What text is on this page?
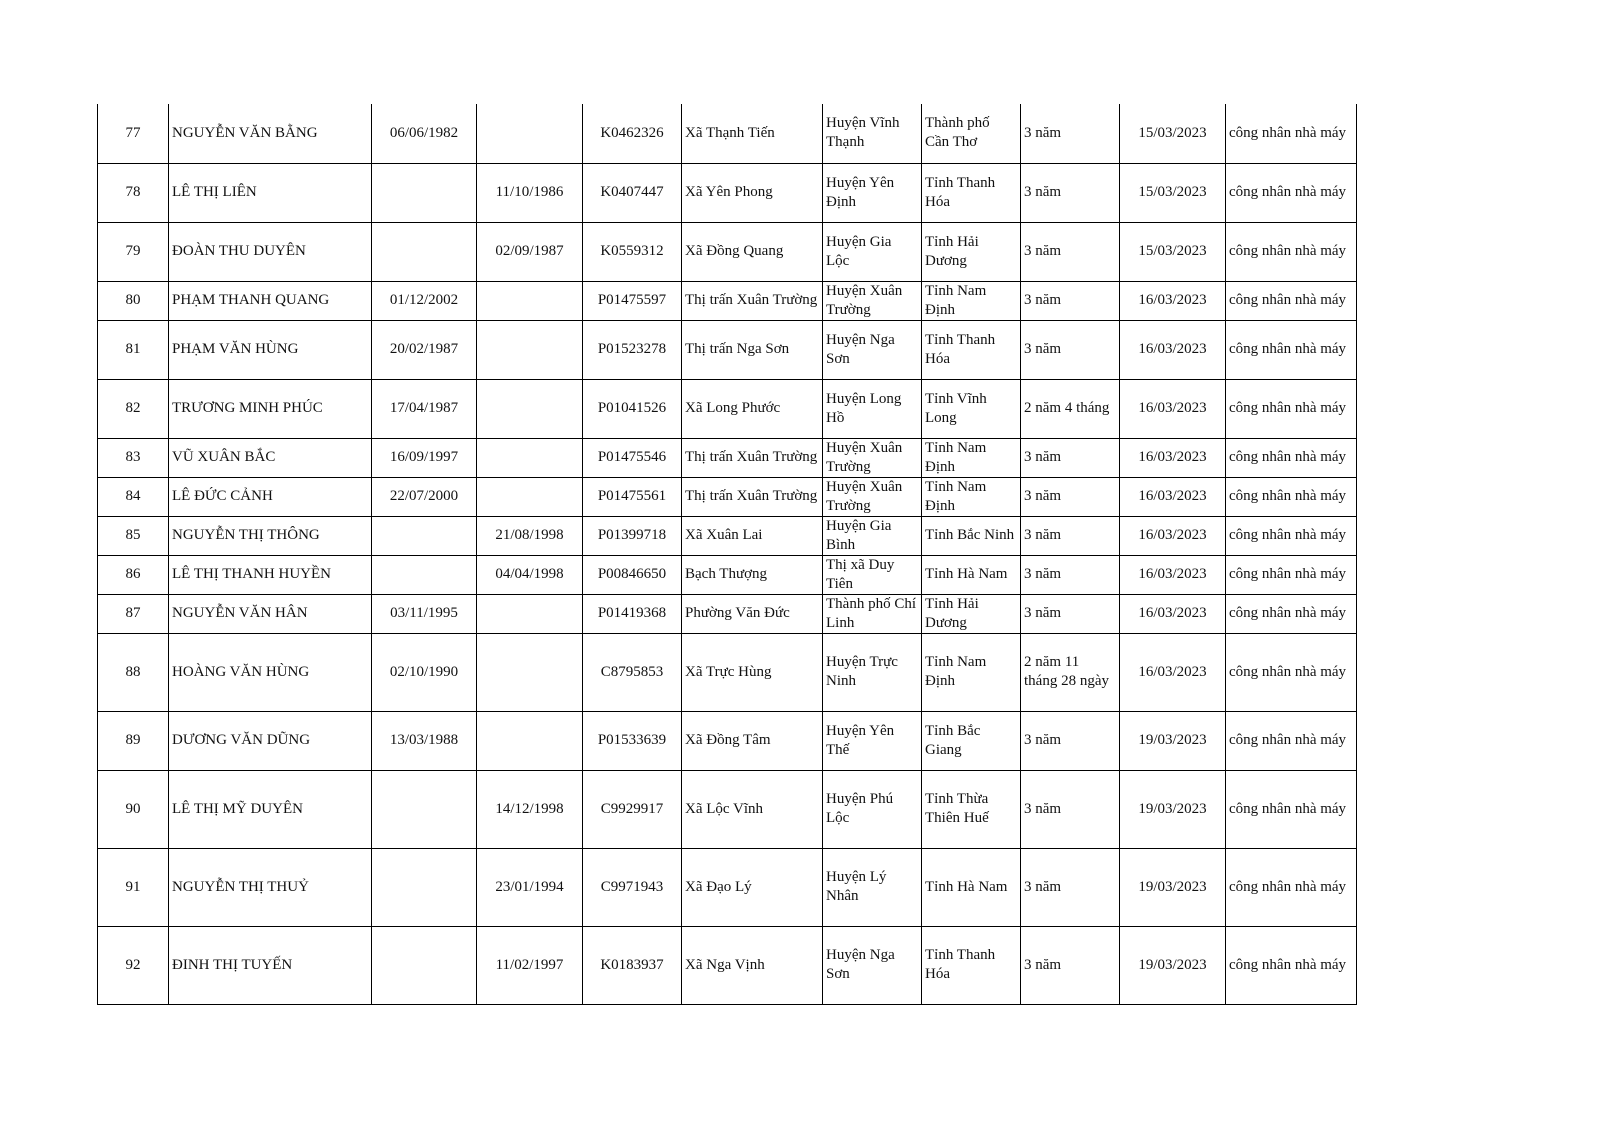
77	NGUYỄN VĂN BẰNG	06/06/1982		K0462326	Xã Thạnh Tiến	Huyện Vĩnh Thạnh	Thành phố Cần Thơ	3 năm	15/03/2023	công nhân nhà máy
78	LÊ THỊ LIÊN		11/10/1986	K0407447	Xã Yên Phong	Huyện Yên Định	Tỉnh Thanh Hóa	3 năm	15/03/2023	công nhân nhà máy
79	ĐOÀN THU DUYÊN		02/09/1987	K0559312	Xã Đồng Quang	Huyện Gia Lộc	Tỉnh Hải Dương	3 năm	15/03/2023	công nhân nhà máy
80	PHẠM THANH QUANG	01/12/2002		P01475597	Thị trấn Xuân Trường	Huyện Xuân Trường	Tỉnh Nam Định	3 năm	16/03/2023	công nhân nhà máy
81	PHẠM VĂN HÙNG	20/02/1987		P01523278	Thị trấn Nga Sơn	Huyện Nga Sơn	Tỉnh Thanh Hóa	3 năm	16/03/2023	công nhân nhà máy
82	TRƯƠNG MINH PHÚC	17/04/1987		P01041526	Xã Long Phước	Huyện Long Hồ	Tỉnh Vĩnh Long	2 năm 4 tháng	16/03/2023	công nhân nhà máy
83	VŨ XUÂN BẮC	16/09/1997		P01475546	Thị trấn Xuân Trường	Huyện Xuân Trường	Tỉnh Nam Định	3 năm	16/03/2023	công nhân nhà máy
84	LÊ ĐỨC CẢNH	22/07/2000		P01475561	Thị trấn Xuân Trường	Huyện Xuân Trường	Tỉnh Nam Định	3 năm	16/03/2023	công nhân nhà máy
85	NGUYỄN THỊ THÔNG		21/08/1998	P01399718	Xã Xuân Lai	Huyện Gia Bình	Tỉnh Bắc Ninh	3 năm	16/03/2023	công nhân nhà máy
86	LÊ THỊ THANH HUYỀN		04/04/1998	P00846650	Bạch Thượng	Thị xã Duy Tiên	Tỉnh Hà Nam	3 năm	16/03/2023	công nhân nhà máy
87	NGUYỄN VĂN HÂN	03/11/1995		P01419368	Phường Văn Đức	Thành phố Chí Linh	Tỉnh Hải Dương	3 năm	16/03/2023	công nhân nhà máy
88	HOÀNG VĂN HÙNG	02/10/1990		C8795853	Xã Trực Hùng	Huyện Trực Ninh	Tỉnh Nam Định	2 năm 11 tháng 28 ngày	16/03/2023	công nhân nhà máy
89	DƯƠNG VĂN DŨNG	13/03/1988		P01533639	Xã Đồng Tâm	Huyện Yên Thế	Tỉnh Bắc Giang	3 năm	19/03/2023	công nhân nhà máy
90	LÊ THỊ MỸ DUYÊN		14/12/1998	C9929917	Xã Lộc Vĩnh	Huyện Phú Lộc	Tỉnh Thừa Thiên Huế	3 năm	19/03/2023	công nhân nhà máy
91	NGUYỄN THỊ THUỶ		23/01/1994	C9971943	Xã Đạo Lý	Huyện Lý Nhân	Tỉnh Hà Nam	3 năm	19/03/2023	công nhân nhà máy
92	ĐINH THỊ TUYẾN		11/02/1997	K0183937	Xã Nga Vịnh	Huyện Nga Sơn	Tỉnh Thanh Hóa	3 năm	19/03/2023	công nhân nhà máy
